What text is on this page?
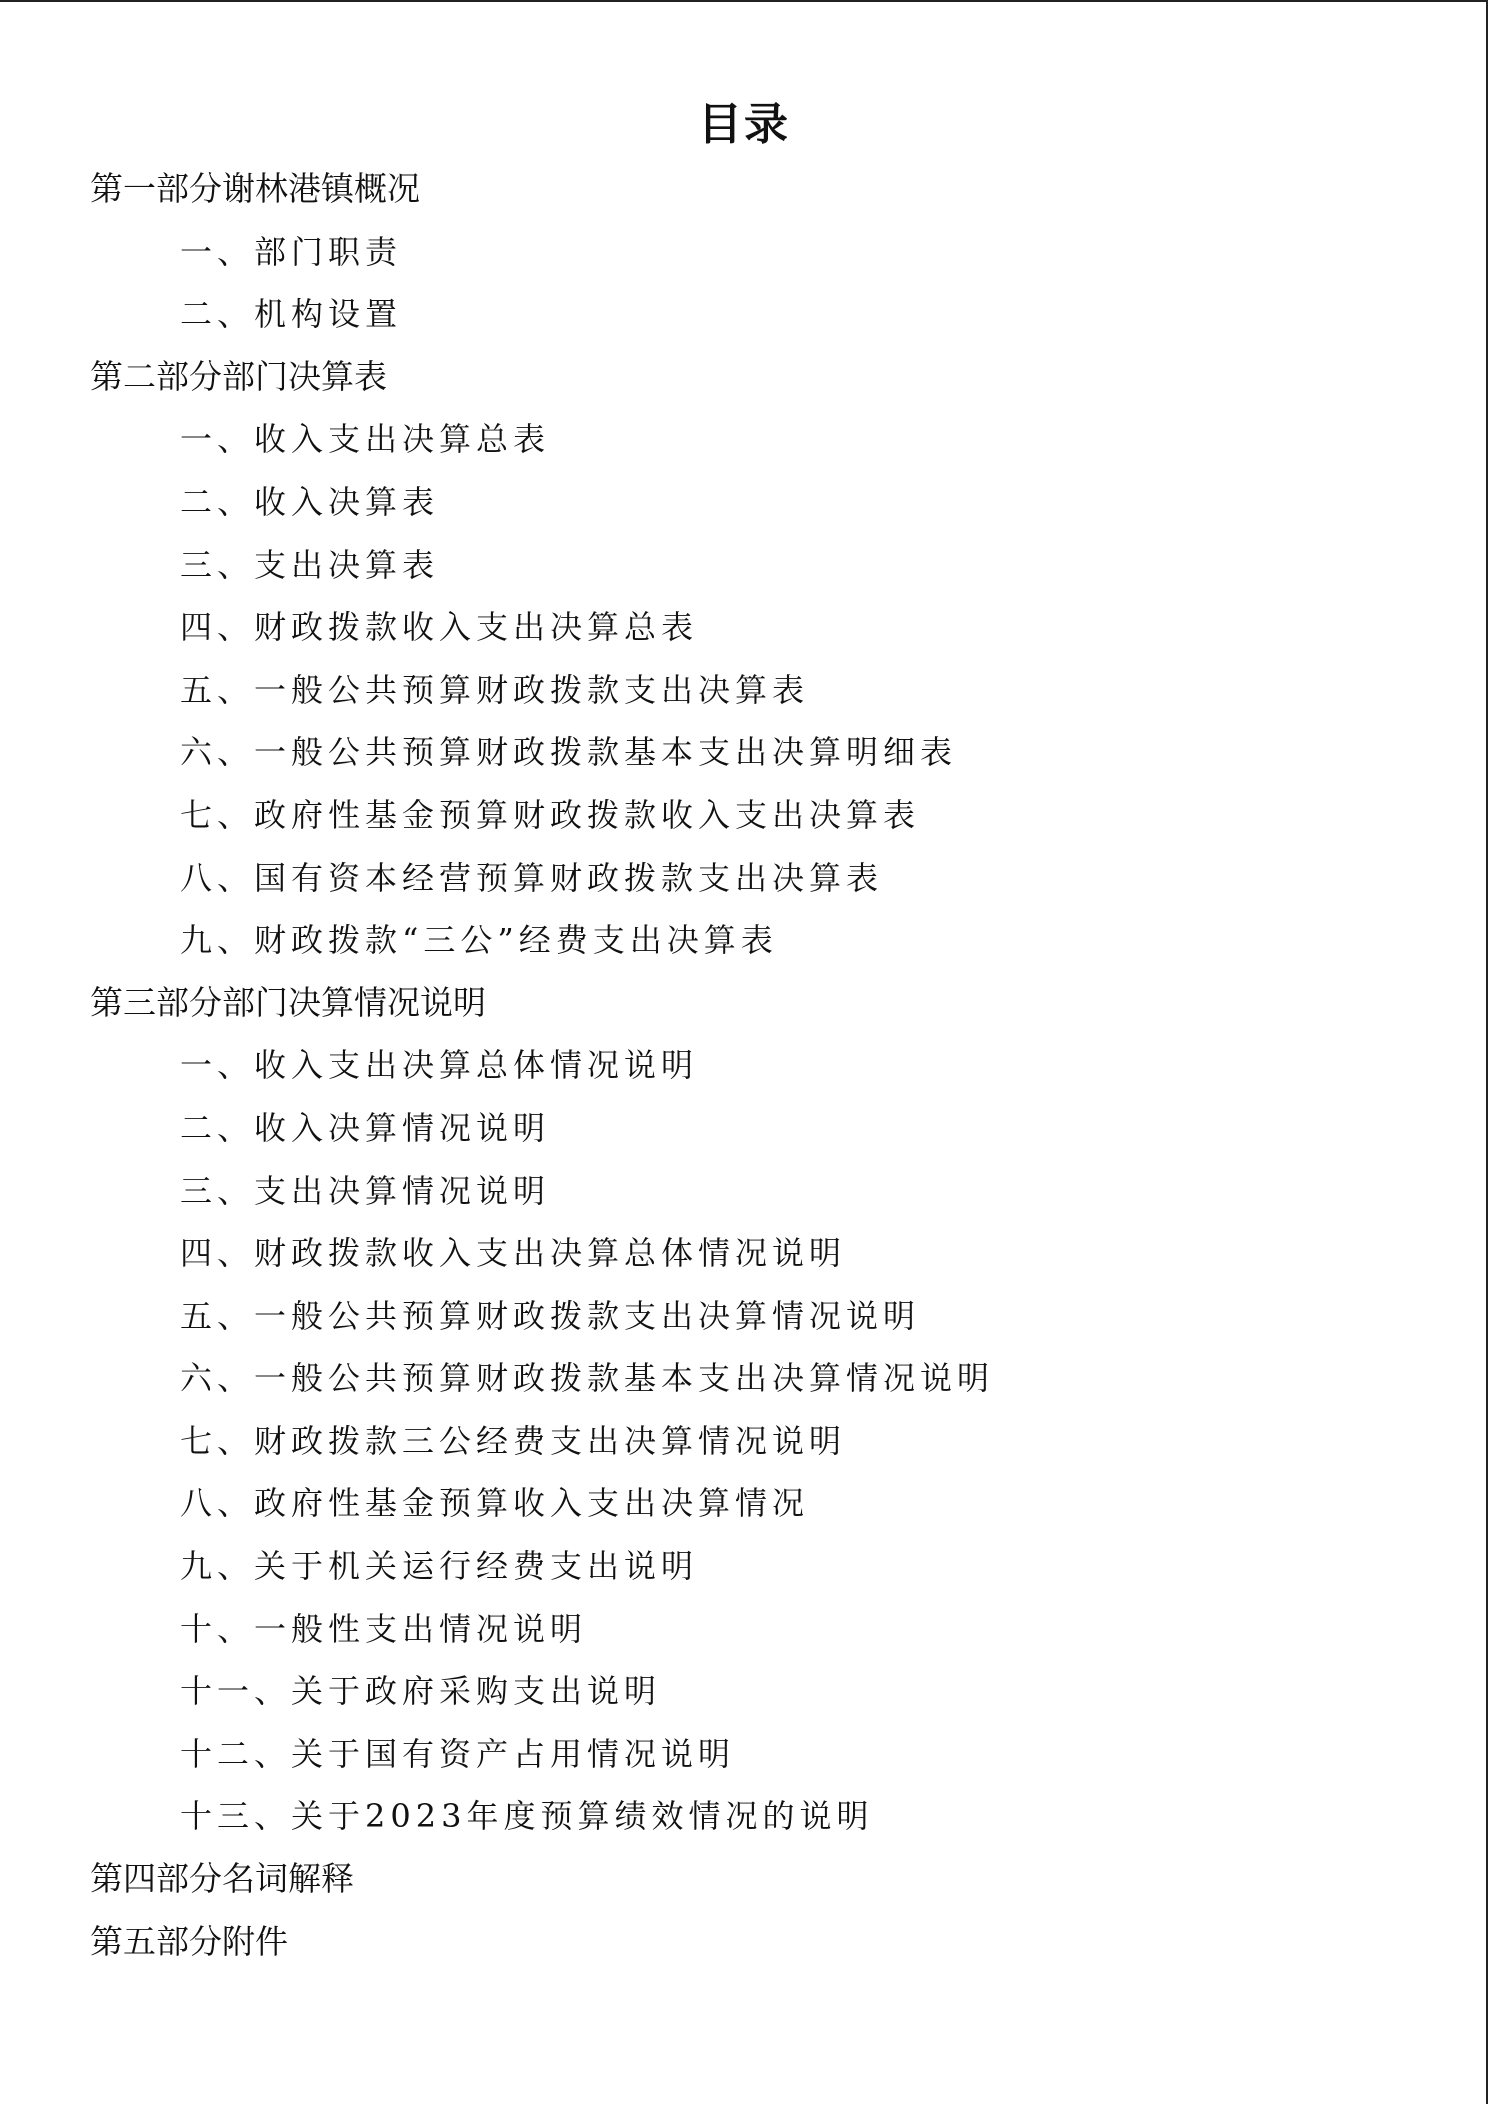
目录
第一部分谢林港镇概况
一、部门职责
二、机构设置
第二部分部门决算表
一、收入支出决算总表
二、收入决算表
三、支出决算表
四、财政拨款收入支出决算总表
五、一般公共预算财政拨款支出决算表
六、一般公共预算财政拨款基本支出决算明细表
七、政府性基金预算财政拨款收入支出决算表
八、国有资本经营预算财政拨款支出决算表
九、财政拨款“三公”经费支出决算表
第三部分部门决算情况说明
一、收入支出决算总体情况说明
二、收入决算情况说明
三、支出决算情况说明
四、财政拨款收入支出决算总体情况说明
五、一般公共预算财政拨款支出决算情况说明
六、一般公共预算财政拨款基本支出决算情况说明
七、财政拨款三公经费支出决算情况说明
八、政府性基金预算收入支出决算情况
九、关于机关运行经费支出说明
十、一般性支出情况说明
十一、关于政府采购支出说明
十二、关于国有资产占用情况说明
十三、关于2023年度预算绩效情况的说明
第四部分名词解释
第五部分附件
